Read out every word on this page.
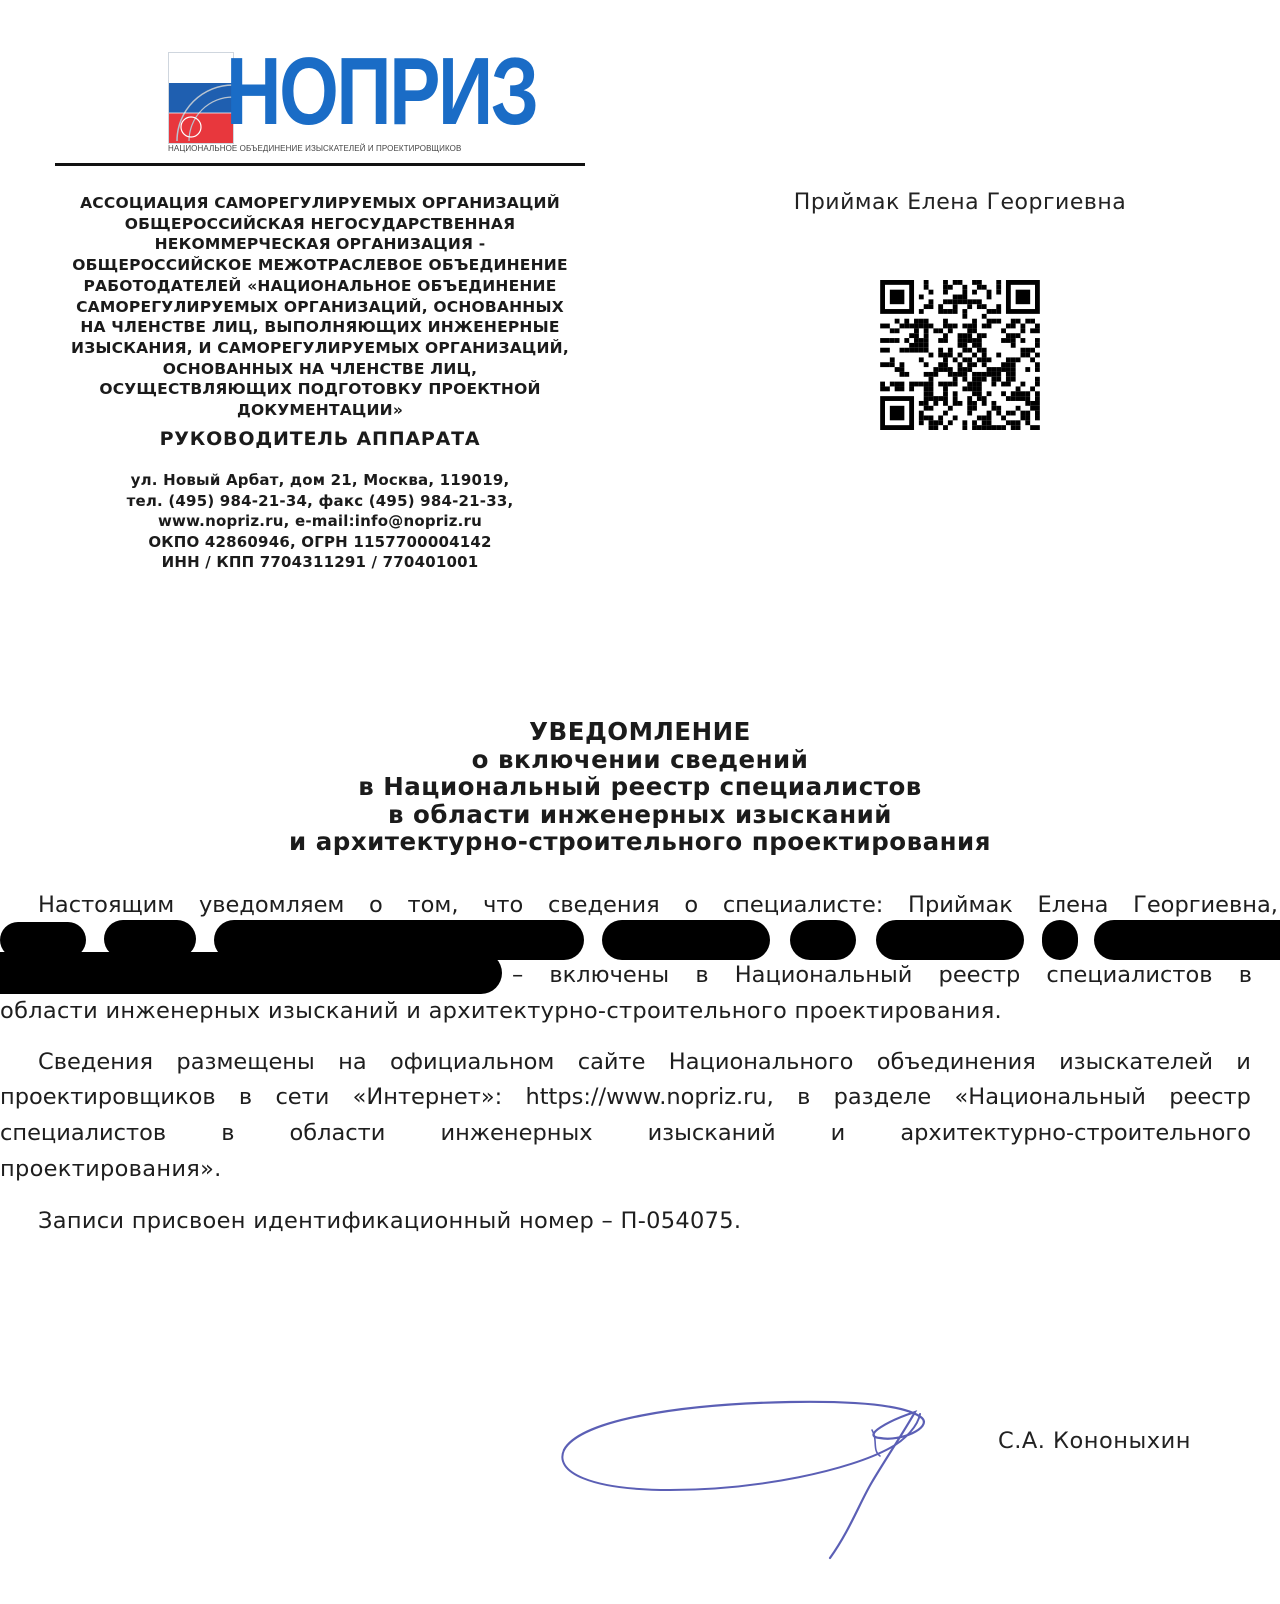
НОПРИЗ
НАЦИОНАЛЬНОЕ ОБЪЕДИНЕНИЕ ИЗЫСКАТЕЛЕЙ И ПРОЕКТИРОВЩИКОВ
АССОЦИАЦИЯ САМОРЕГУЛИРУЕМЫХ ОРГАНИЗАЦИЙ
ОБЩЕРОССИЙСКАЯ НЕГОСУДАРСТВЕННАЯ
НЕКОММЕРЧЕСКАЯ ОРГАНИЗАЦИЯ -
ОБЩЕРОССИЙСКОЕ МЕЖОТРАСЛЕВОЕ ОБЪЕДИНЕНИЕ
РАБОТОДАТЕЛЕЙ «НАЦИОНАЛЬНОЕ ОБЪЕДИНЕНИЕ
САМОРЕГУЛИРУЕМЫХ ОРГАНИЗАЦИЙ, ОСНОВАННЫХ
НА ЧЛЕНСТВЕ ЛИЦ, ВЫПОЛНЯЮЩИХ ИНЖЕНЕРНЫЕ
ИЗЫСКАНИЯ, И САМОРЕГУЛИРУЕМЫХ ОРГАНИЗАЦИЙ,
ОСНОВАННЫХ НА ЧЛЕНСТВЕ ЛИЦ,
ОСУЩЕСТВЛЯЮЩИХ ПОДГОТОВКУ ПРОЕКТНОЙ
ДОКУМЕНТАЦИИ»
РУКОВОДИТЕЛЬ АППАРАТА
ул. Новый Арбат, дом 21, Москва, 119019,
тел. (495) 984-21-34, факс (495) 984-21-33,
www.nopriz.ru, e-mail:info@nopriz.ru
ОКПО 42860946, ОГРН 1157700004142
ИНН / КПП 7704311291 / 770401001
Приймак Елена Георгиевна
УВЕДОМЛЕНИЕ
о включении сведений
в Национальный реестр специалистов
в области инженерных изысканий
и архитектурно-строительного проектирования
Настоящим уведомляем о том, что сведения о специалисте: Приймак Елена Георгиевна,
– включены в Национальный реестр специалистов в
области инженерных изысканий и архитектурно-строительного проектирования.
Сведения размещены на официальном сайте Национального объединения изыскателей и
проектировщиков в сети «Интернет»: https://www.nopriz.ru, в разделе «Национальный реестр
специалистов в области инженерных изысканий и архитектурно-строительного
проектирования».
Записи присвоен идентификационный номер – П-054075.
С.А. Кононыхин
